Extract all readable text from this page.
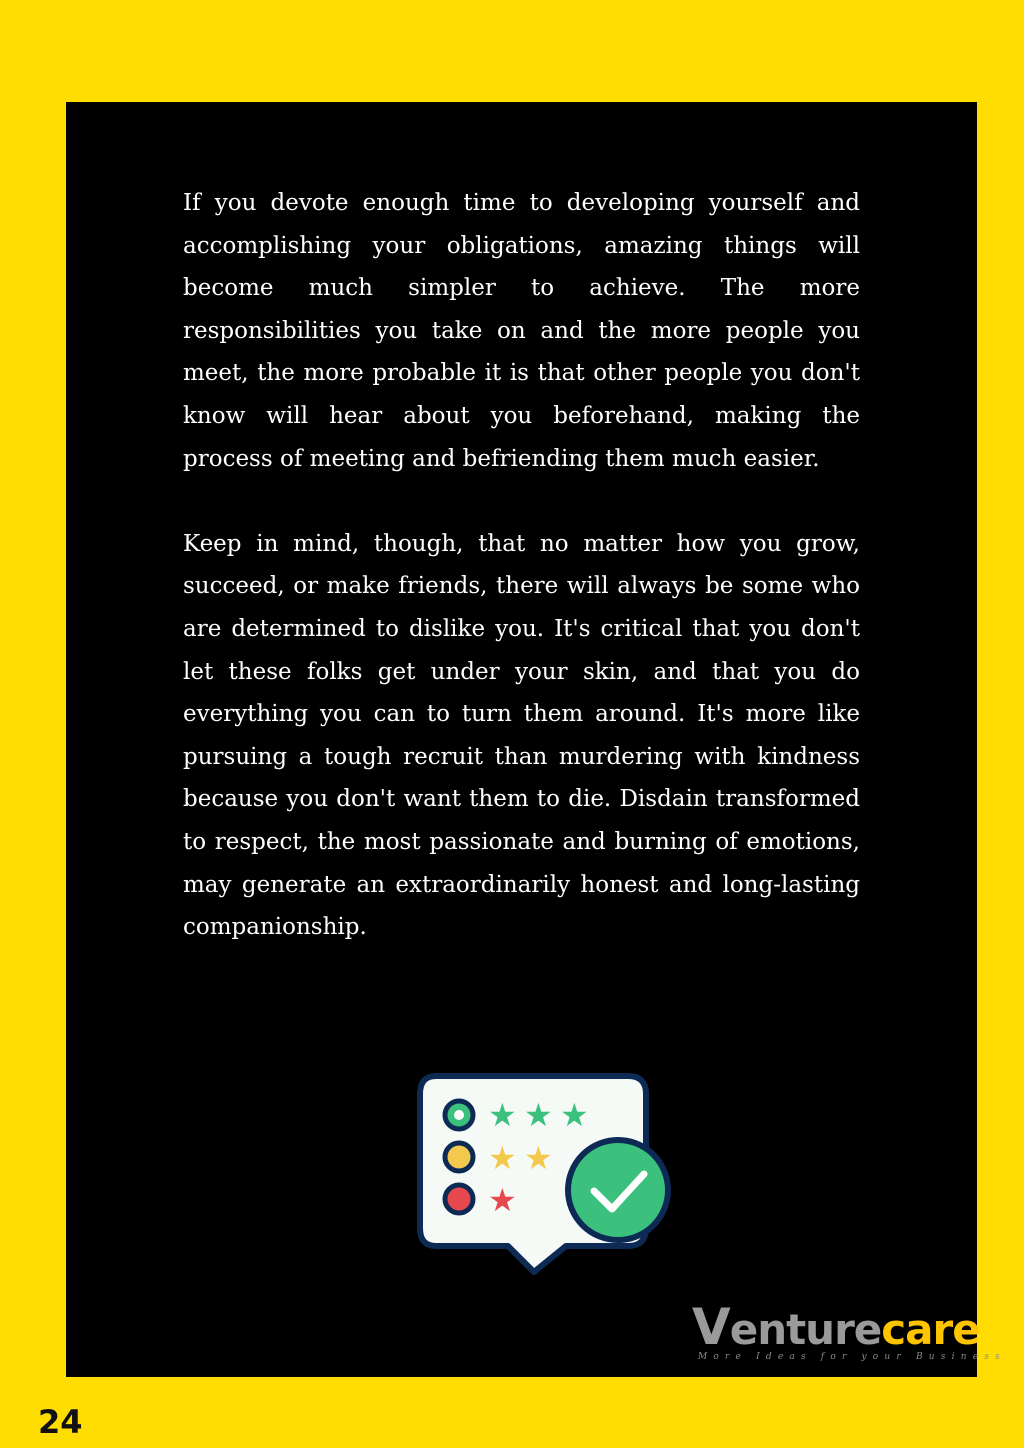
If you devote enough time to developing yourself and accomplishing your obligations, amazing things will become much simpler to achieve. The more responsibilities you take on and the more people you meet, the more probable it is that other people you don't know will hear about you beforehand, making the process of meeting and befriending them much easier.

Keep in mind, though, that no matter how you grow, succeed, or make friends, there will always be some who are determined to dislike you. It's critical that you don't let these folks get under your skin, and that you do everything you can to turn them around. It's more like pursuing a tough recruit than murdering with kindness because you don't want them to die. Disdain transformed to respect, the most passionate and burning of emotions, may generate an extraordinarily honest and long-lasting companionship.

★ ★ ★
★ ★
★
Venturecare
More Ideas for your Business
24
